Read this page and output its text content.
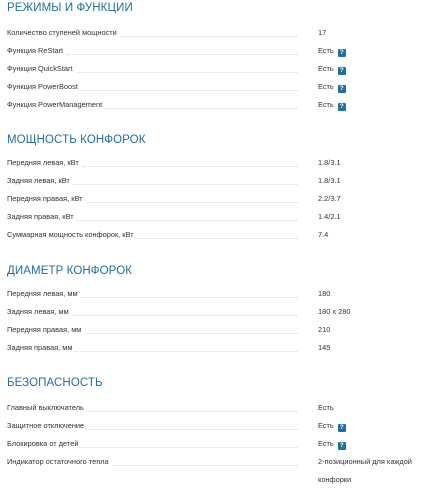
РЕЖИМЫ И ФУНКЦИИ
Количество ступеней мощности	17
Функция ReStart	Есть ?
Функция QuickStart	Есть ?
Функция PowerBoost	Есть ?
Функция PowerManagement	Есть ?
МОЩНОСТЬ КОНФОРОК
Передняя левая, кВт	1.8/3.1
Задняя левая, кВт	1.8/3.1
Передняя правая, кВт	2.2/3.7
Задняя правая, кВт	1.4/2.1
Суммарная мощность конфорок, кВт	7.4
ДИАМЕТР КОНФОРОК
Передняя левая, мм	180
Задняя левая, мм	180 x 280
Передняя правая, мм	210
Задняя правая, мм	145
БЕЗОПАСНОСТЬ
Главный выключатель	Есть
Защитное отключение	Есть ?
Блокировка от детей	Есть ?
Индикатор остаточного тепла	2-позиционный для каждой конфорки
